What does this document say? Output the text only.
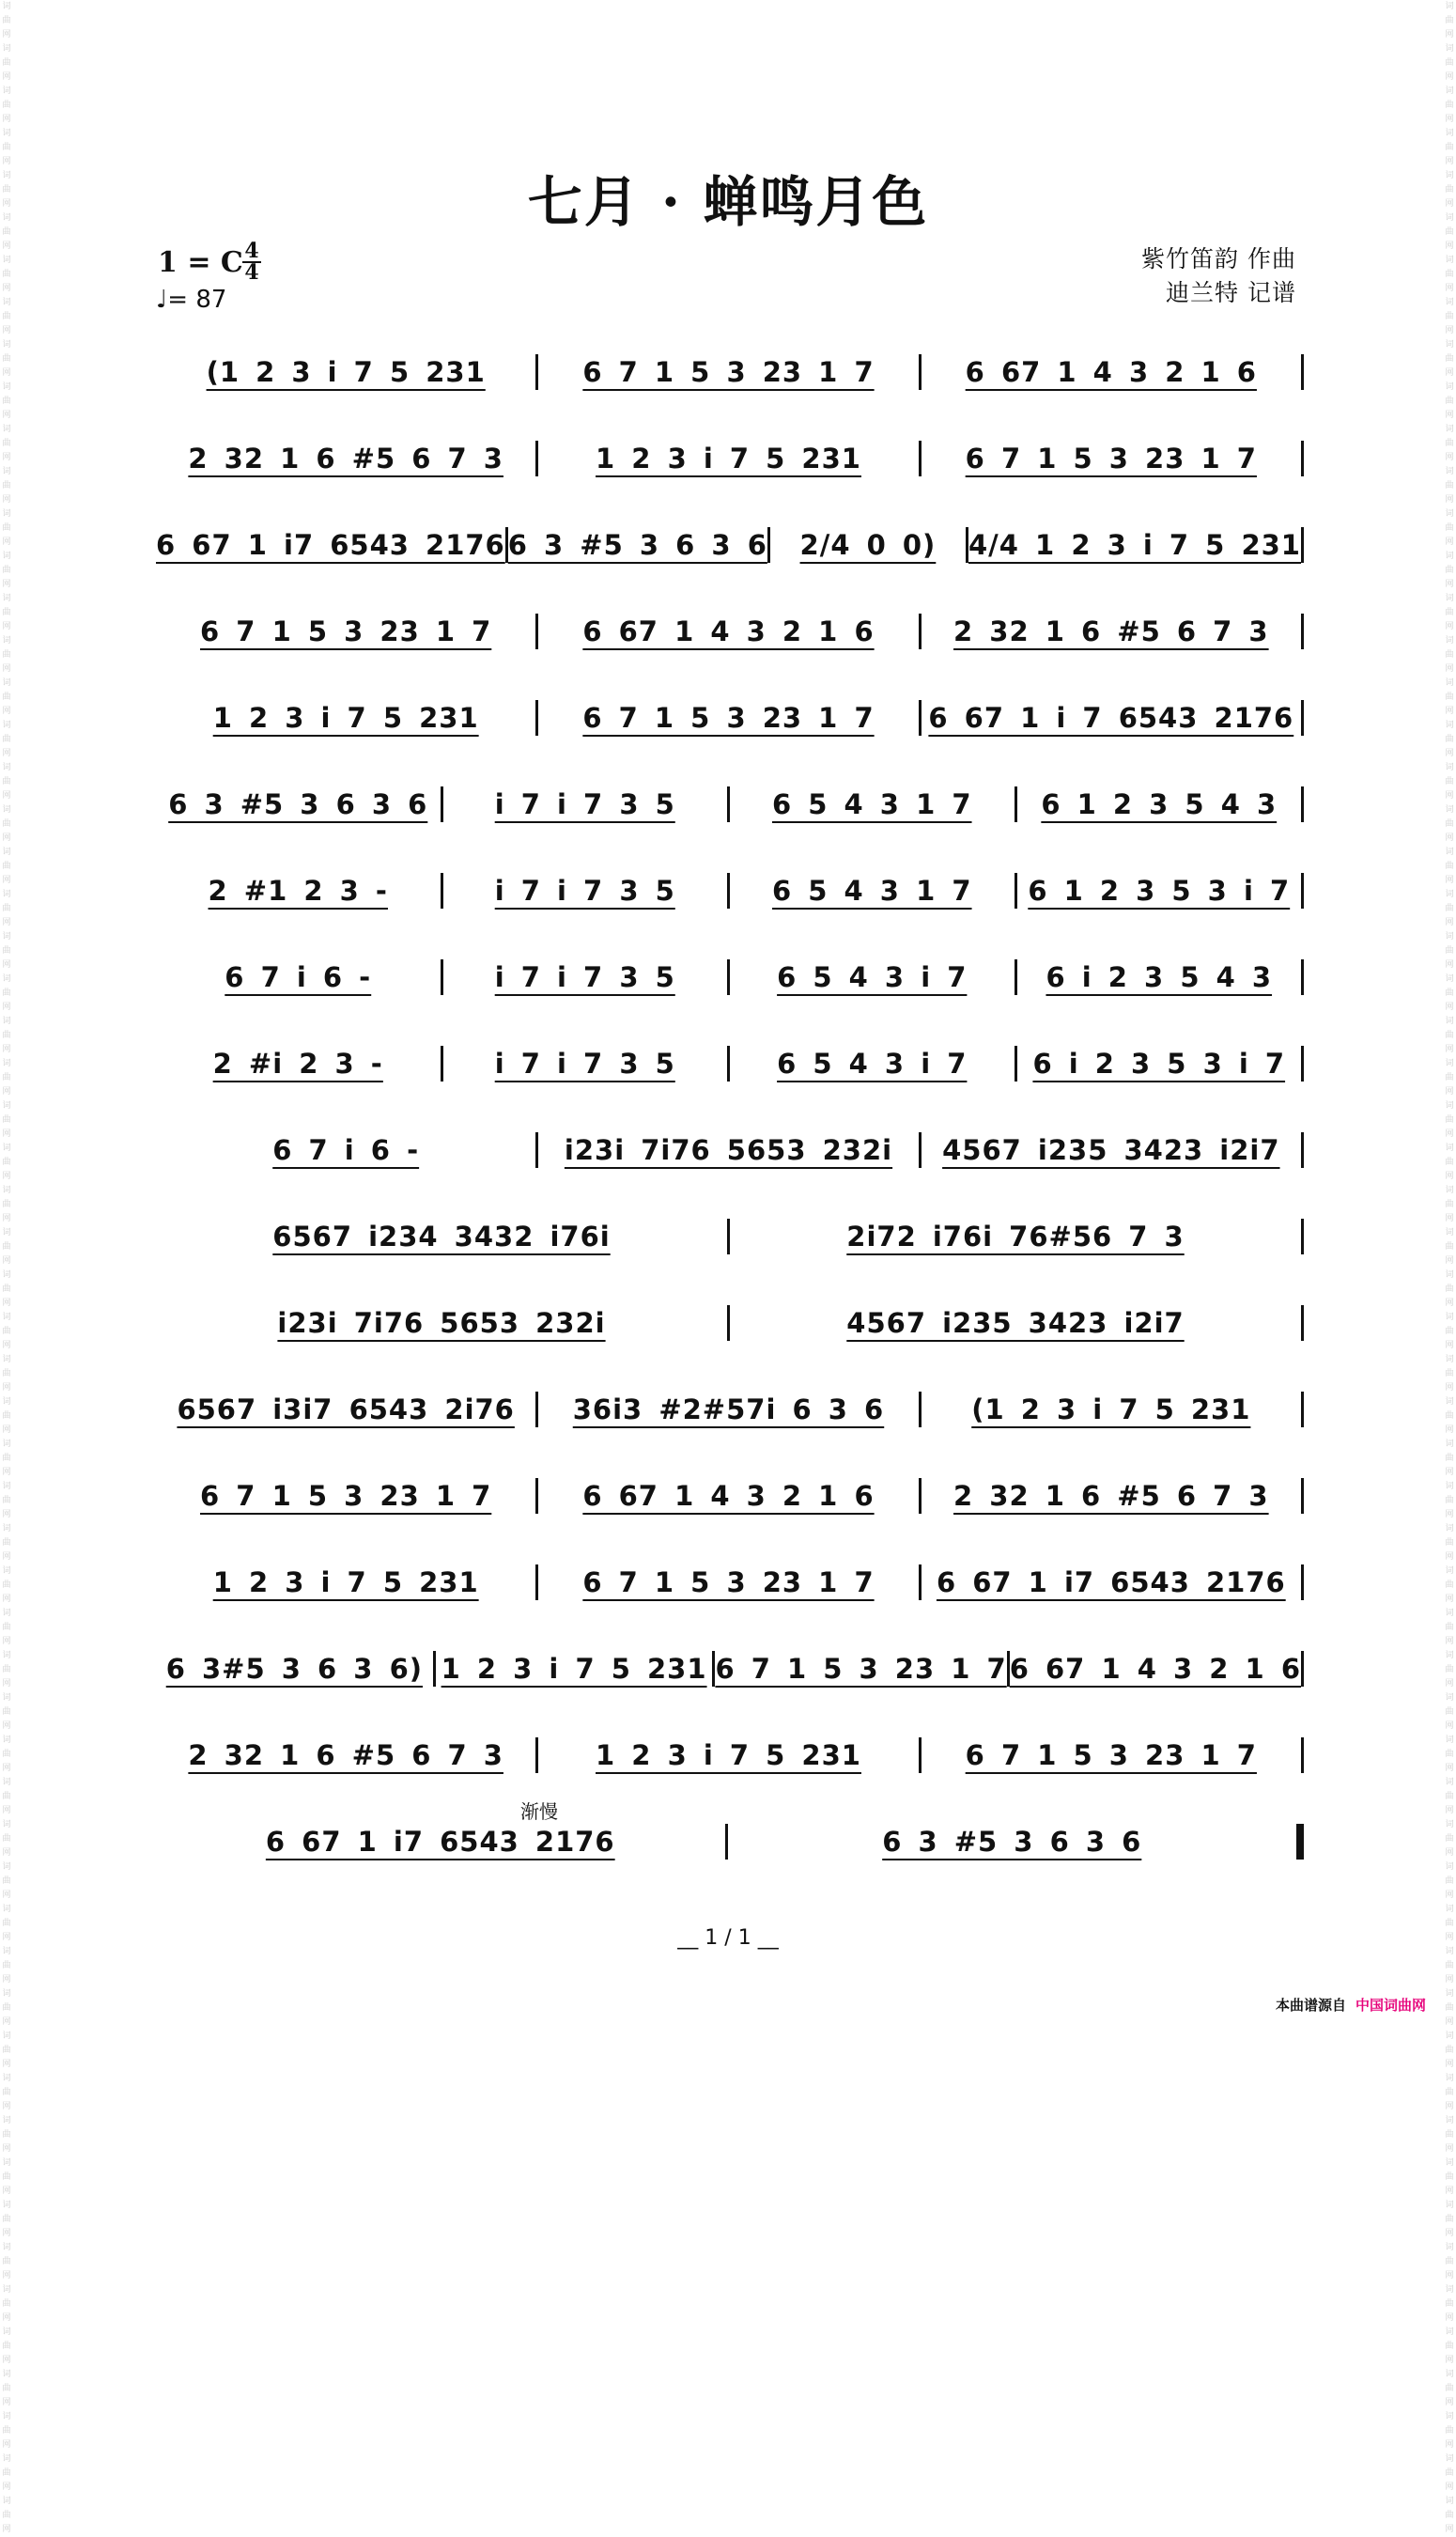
词曲网词曲网词曲网词曲网词曲网词曲网词曲网词曲网词曲网词曲网词曲网词曲网词曲网词曲网词曲网词曲网词曲网词曲网词曲网词曲网词曲网词曲网词曲网词曲网词曲网词曲网词曲网词曲网词曲网词曲网词曲网词曲网词曲网词曲网词曲网词曲网词曲网词曲网词曲网词曲网词曲网词曲网词曲网词曲网词曲网词曲网词曲网词曲网词曲网词曲网词曲网词曲网词曲网词曲网词曲网词曲网词曲网词曲网词曲网词曲网
词曲网词曲网词曲网词曲网词曲网词曲网词曲网词曲网词曲网词曲网词曲网词曲网词曲网词曲网词曲网词曲网词曲网词曲网词曲网词曲网词曲网词曲网词曲网词曲网词曲网词曲网词曲网词曲网词曲网词曲网词曲网词曲网词曲网词曲网词曲网词曲网词曲网词曲网词曲网词曲网词曲网词曲网词曲网词曲网词曲网词曲网词曲网词曲网词曲网词曲网词曲网词曲网词曲网词曲网词曲网词曲网词曲网词曲网词曲网词曲网
七月 · 蝉鸣月色
1 = C 4
4
♩= 87
紫竹笛韵 作曲
迪兰特 记谱
(1 2 3 i 7 5 231	6 7 1 5 3 23 1 7	6 67 1 4 3 2 1 6
2 32 1 6 #5 6 7 3	1 2 3 i 7 5 231	6 7 1 5 3 23 1 7
6 67 1 i7 6543 2176 6 3 #5 3 6 3 6	2/4 0 0)	4/4 1 2 3 i 7 5 231
6 7 1 5 3 23 1 7	6 67 1 4 3 2 1 6	2 32 1 6 #5 6 7 3
1 2 3 i 7 5 231	6 7 1 5 3 23 1 7	6 67 1 i 7 6543 2176
6 3 #5 3 6 3 6	i 7 i 7 3 5	6 5 4 3 1 7	6 1 2 3 5 4 3
2 #1 2 3 -	i 7 i 7 3 5	6 5 4 3 1 7	6 1 2 3 5 3 i 7
6 7 i 6 -	i 7 i 7 3 5	6 5 4 3 i 7	6 i 2 3 5 4 3
2 #i 2 3 -	i 7 i 7 3 5	6 5 4 3 i 7	6 i 2 3 5 3 i 7
6 7 i 6 -	i23i 7i76 5653 232i	4567 i235 3423 i2i7
6567 i234 3432 i76i	2i72 i76i 76#56 7 3
i23i 7i76 5653 232i	4567 i235 3423 i2i7
6567 i3i7 6543 2i76	36i3 #2#57i 6 3 6	(1 2 3 i 7 5 231
6 7 1 5 3 23 1 7	6 67 1 4 3 2 1 6	2 32 1 6 #5 6 7 3
1 2 3 i 7 5 231	6 7 1 5 3 23 1 7	6 67 1 i7 6543 2176
6 3#5 3 6 3 6) 1 2 3 i 7 5 231 6 7 1 5 3 23 1 7 6 67 1 4 3 2 1 6
2 32 1 6 #5 6 7 3	1 2 3 i 7 5 231	6 7 1 5 3 23 1 7
6 67 1 i7 6543 2176	6 3 #5 3 6 3 6
渐慢
__ 1 / 1 __
本曲谱源自 中国词曲网
